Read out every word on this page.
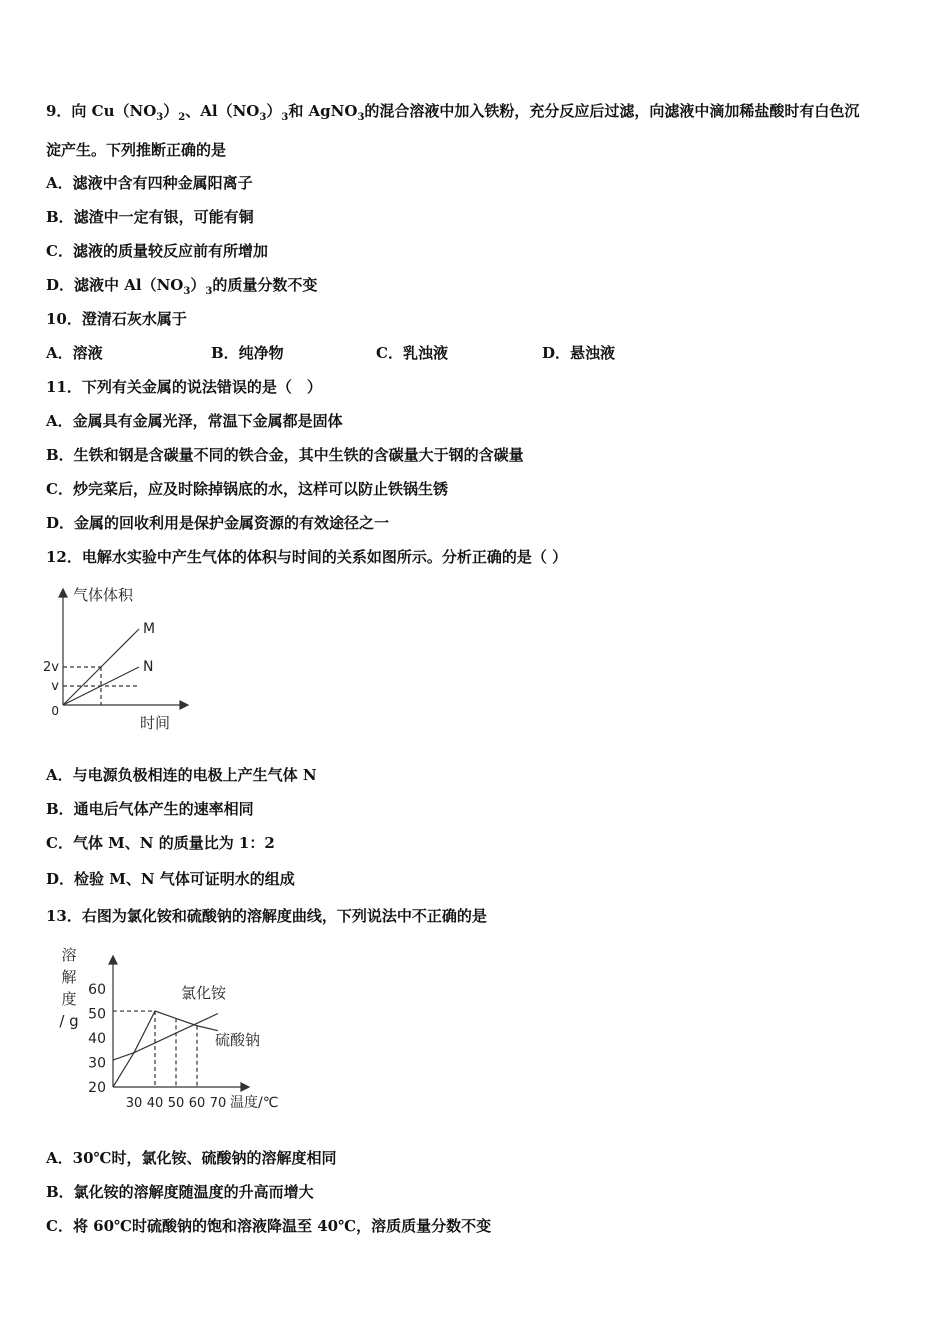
9．向 $Cu(NO_3)_2$、$Al(NO_3)_3$和 AgNO$_3$的混合溶液中加入铁粉，充分反应后过滤，向滤液中滴加稀盐酸时有白色沉
淀产生。下列推断正确的是
A．滤液中含有四种金属阳离子
B．滤渣中一定有银，可能有铜
C．滤液的质量较反应前有所增加
D．滤液中 $Al(NO_3)_3$的质量分数不变
10．澄清石灰水属于
A．溶液	B．纯净物	C．乳浊液	D．悬浊液
11．下列有关金属的说法错误的是（　）
A．金属具有金属光泽，常温下金属都是固体
B．生铁和钢是含碳量不同的铁合金，其中生铁的含碳量大于钢的含碳量
C．炒完菜后，应及时除掉锅底的水，这样可以防止铁锅生锈
D．金属的回收利用是保护金属资源的有效途径之一
12．电解水实验中产生气体的体积与时间的关系如图所示。分析正确的是（ ）
M
N
v
2v
0
气体体积
时间
A．与电源负极相连的电极上产生气体 N
B．通电后气体产生的速率相同
C．气体 M、N 的质量比为 1：2
D．检验 M、N 气体可证明水的组成
13．右图为氯化铵和硫酸钠的溶解度曲线，下列说法中不正确的是
20
30
40
50
60
30 40 50 60 70
溶
解
度
/ g
温度/℃
氯化铵
硫酸钠
A．30℃时，氯化铵、硫酸钠的溶解度相同
B．氯化铵的溶解度随温度的升高而增大
C．将 60℃时硫酸钠的饱和溶液降温至 40℃，溶质质量分数不变
